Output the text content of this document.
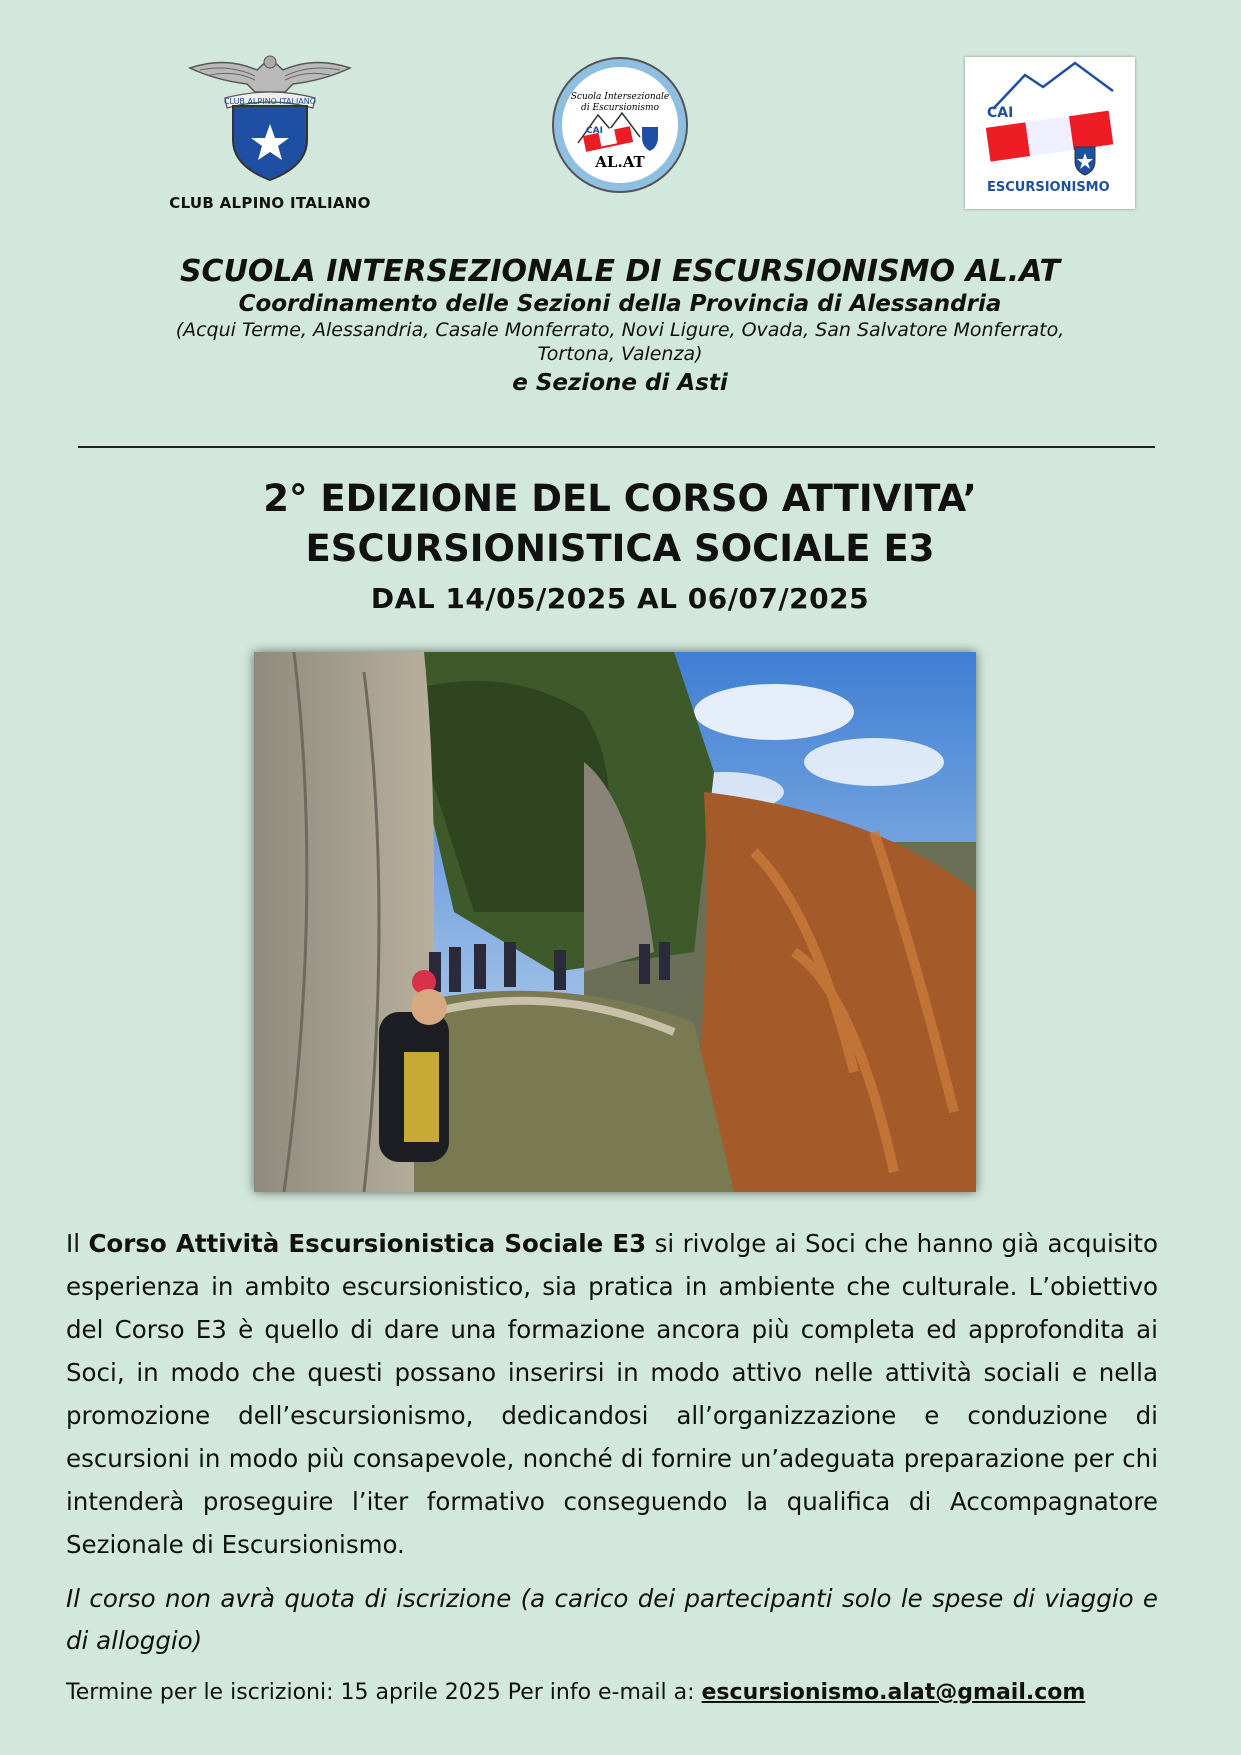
CLUB ALPINO ITALIANO
CLUB ALPINO ITALIANO
Scuola Intersezionale
di Escursionismo
CAI
AL.AT
CAI
ESCURSIONISMO
SCUOLA INTERSEZIONALE DI ESCURSIONISMO AL.AT
Coordinamento delle Sezioni della Provincia di Alessandria
(Acqui Terme, Alessandria, Casale Monferrato, Novi Ligure, Ovada, San Salvatore Monferrato,
Tortona, Valenza)
e Sezione di Asti
2° EDIZIONE DEL CORSO ATTIVITA’
ESCURSIONISTICA SOCIALE E3
DAL 14/05/2025 AL 06/07/2025
Il Corso Attività Escursionistica Sociale E3 si rivolge ai Soci che hanno già acquisito esperienza in ambito escursionistico, sia pratica in ambiente che culturale. L’obiettivo del Corso E3 è quello di dare una formazione ancora più completa ed approfondita ai Soci, in modo che questi possano inserirsi in modo attivo nelle attività sociali e nella promozione dell’escursionismo, dedicandosi all’organizzazione e conduzione di escursioni in modo più consapevole, nonché di fornire un’adeguata preparazione per chi intenderà proseguire l’iter formativo conseguendo la qualifica di Accompagnatore Sezionale di Escursionismo.
Il corso non avrà quota di iscrizione (a carico dei partecipanti solo le spese di viaggio e di alloggio)
Termine per le iscrizioni: 15 aprile 2025 Per info e-mail a: escursionismo.alat@gmail.com
